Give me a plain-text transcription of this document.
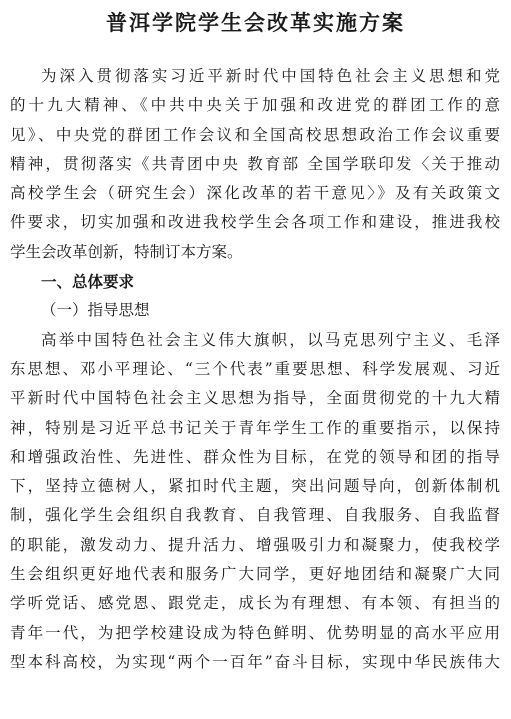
普洱学院学生会改革实施方案
为深入贯彻落实习近平新时代中国特色社会主义思想和党
的十九大精神、《中共中央关于加强和改进党的群团工作的意
见》、中央党的群团工作会议和全国高校思想政治工作会议重要
精神，贯彻落实《共青团中央 教育部 全国学联印发〈关于推动
高校学生会（研究生会）深化改革的若干意见〉》及有关政策文
件要求，切实加强和改进我校学生会各项工作和建设，推进我校
学生会改革创新，特制订本方案。
一、总体要求
（一）指导思想
高举中国特色社会主义伟大旗帜，以马克思列宁主义、毛泽
东思想、邓小平理论、“三个代表”重要思想、科学发展观、习近
平新时代中国特色社会主义思想为指导，全面贯彻党的十九大精
神，特别是习近平总书记关于青年学生工作的重要指示，以保持
和增强政治性、先进性、群众性为目标，在党的领导和团的指导
下，坚持立德树人，紧扣时代主题，突出问题导向，创新体制机
制，强化学生会组织自我教育、自我管理、自我服务、自我监督
的职能，激发动力、提升活力、增强吸引力和凝聚力，使我校学
生会组织更好地代表和服务广大同学，更好地团结和凝聚广大同
学听党话、感党恩、跟党走，成长为有理想、有本领、有担当的
青年一代，为把学校建设成为特色鲜明、优势明显的高水平应用
型本科高校，为实现“两个一百年”奋斗目标，实现中华民族伟大
